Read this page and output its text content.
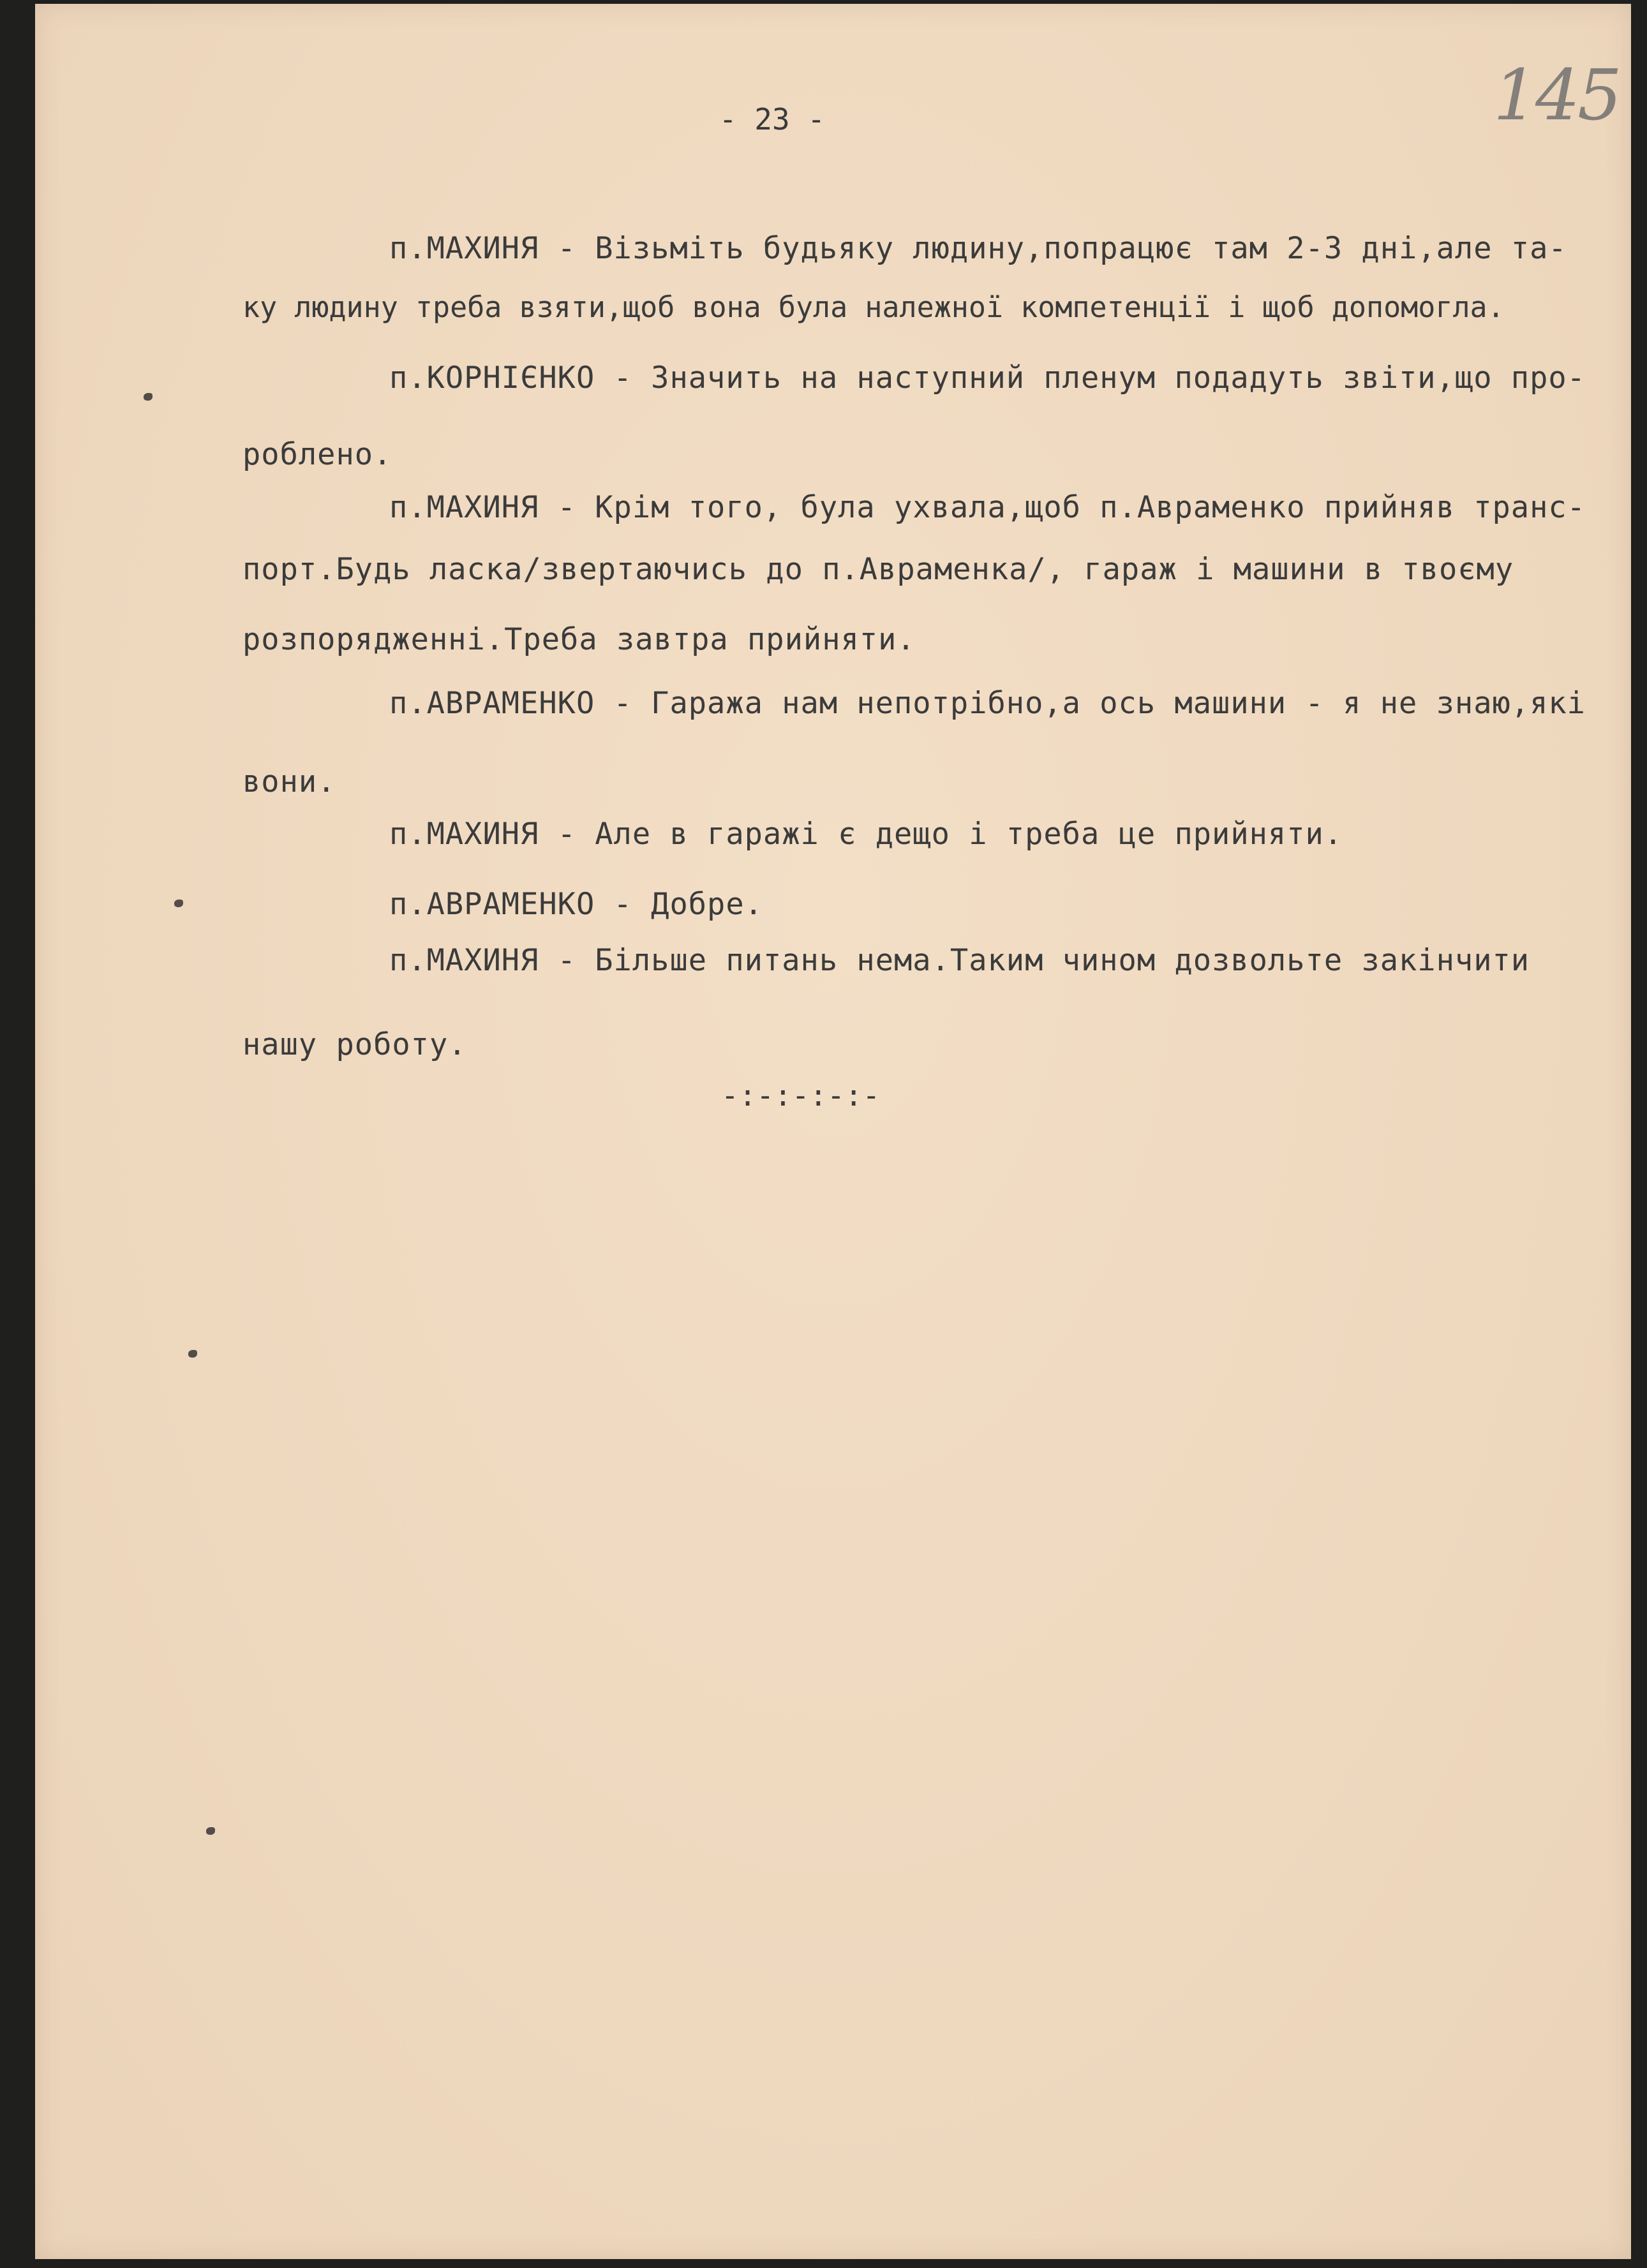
- 23 -	145
п.МАХИНЯ - Візьміть будьяку людину,попрацює там 2-3 дні,але та-
ку людину треба взяти,щоб вона була належної компетенції і щоб допомогла.
п.КОРНІЄНКО - Значить на наступний пленум подадуть звіти,що про-
роблено.
п.МАХИНЯ - Крім того, була ухвала,щоб п.Авраменко прийняв транс-
порт.Будь ласка/звертаючись до п.Авраменка/, гараж і машини в твоєму
розпорядженні.Треба завтра прийняти.
п.АВРАМЕНКО - Гаража нам непотрібно,а ось машини - я не знаю,які
вони.
п.МАХИНЯ - Але в гаражі є дещо і треба це прийняти.
п.АВРАМЕНКО - Добре.
п.МАХИНЯ - Більше питань нема.Таким чином дозвольте закінчити
нашу роботу.
-:-:-:-:-
